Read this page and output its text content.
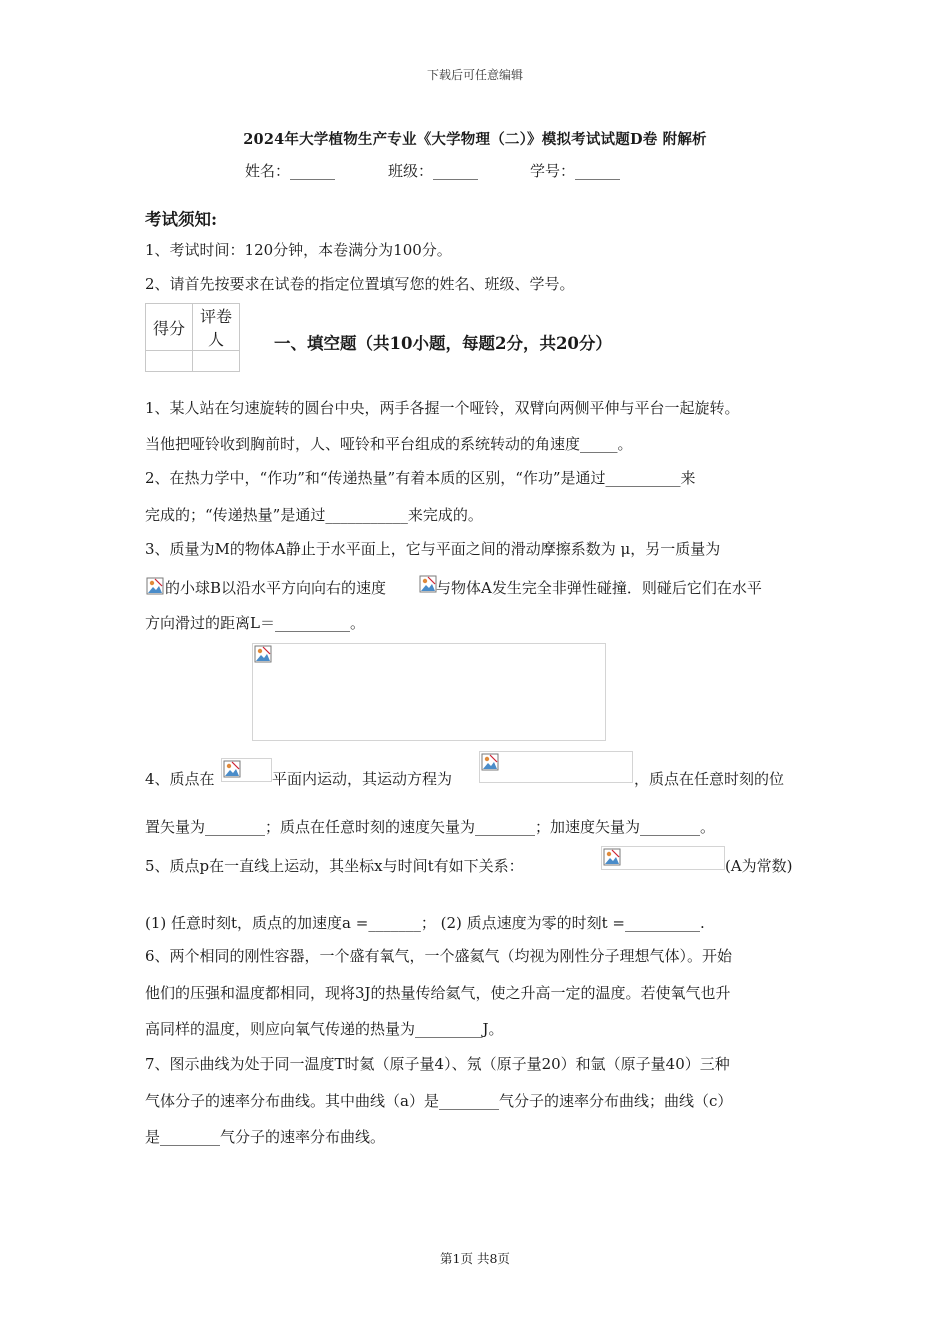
下载后可任意编辑
2024年大学植物生产专业《大学物理（二）》模拟考试试题D卷 附解析
姓名：______	班级：______	学号：______
考试须知:
1、考试时间：120分钟，本卷满分为100分。
2、请首先按要求在试卷的指定位置填写您的姓名、班级、学号。
得分	评卷人
		一、填空题（共10小题，每题2分，共20分）
1、某人站在匀速旋转的圆台中央，两手各握一个哑铃，双臂向两侧平伸与平台一起旋转。
当他把哑铃收到胸前时，人、哑铃和平台组成的系统转动的角速度_____。
2、在热力学中，“作功”和“传递热量”有着本质的区别，“作功”是通过__________来
完成的；“传递热量”是通过___________来完成的。
3、质量为M的物体A静止于水平面上，它与平面之间的滑动摩擦系数为 μ，另一质量为
的小球B以沿水平方向向右的速度	与物体A发生完全非弹性碰撞．则碰后它们在水平
方向滑过的距离L＝__________。
4、质点在	平面内运动，其运动方程为	，质点在任意时刻的位
置矢量为________；质点在任意时刻的速度矢量为________；加速度矢量为________。
5、质点p在一直线上运动，其坐标x与时间t有如下关系：	(A为常数)
(1) 任意时刻t，质点的加速度a =_______； (2) 质点速度为零的时刻t =__________.
6、两个相同的刚性容器，一个盛有氧气，一个盛氦气（均视为刚性分子理想气体）。开始
他们的压强和温度都相同，现将3J的热量传给氦气，使之升高一定的温度。若使氧气也升
高同样的温度，则应向氧气传递的热量为_________J。
7、图示曲线为处于同一温度T时氦（原子量4）、氖（原子量20）和氩（原子量40）三种
气体分子的速率分布曲线。其中曲线（a）是________气分子的速率分布曲线；曲线（c）
是________气分子的速率分布曲线。
第1页 共8页
